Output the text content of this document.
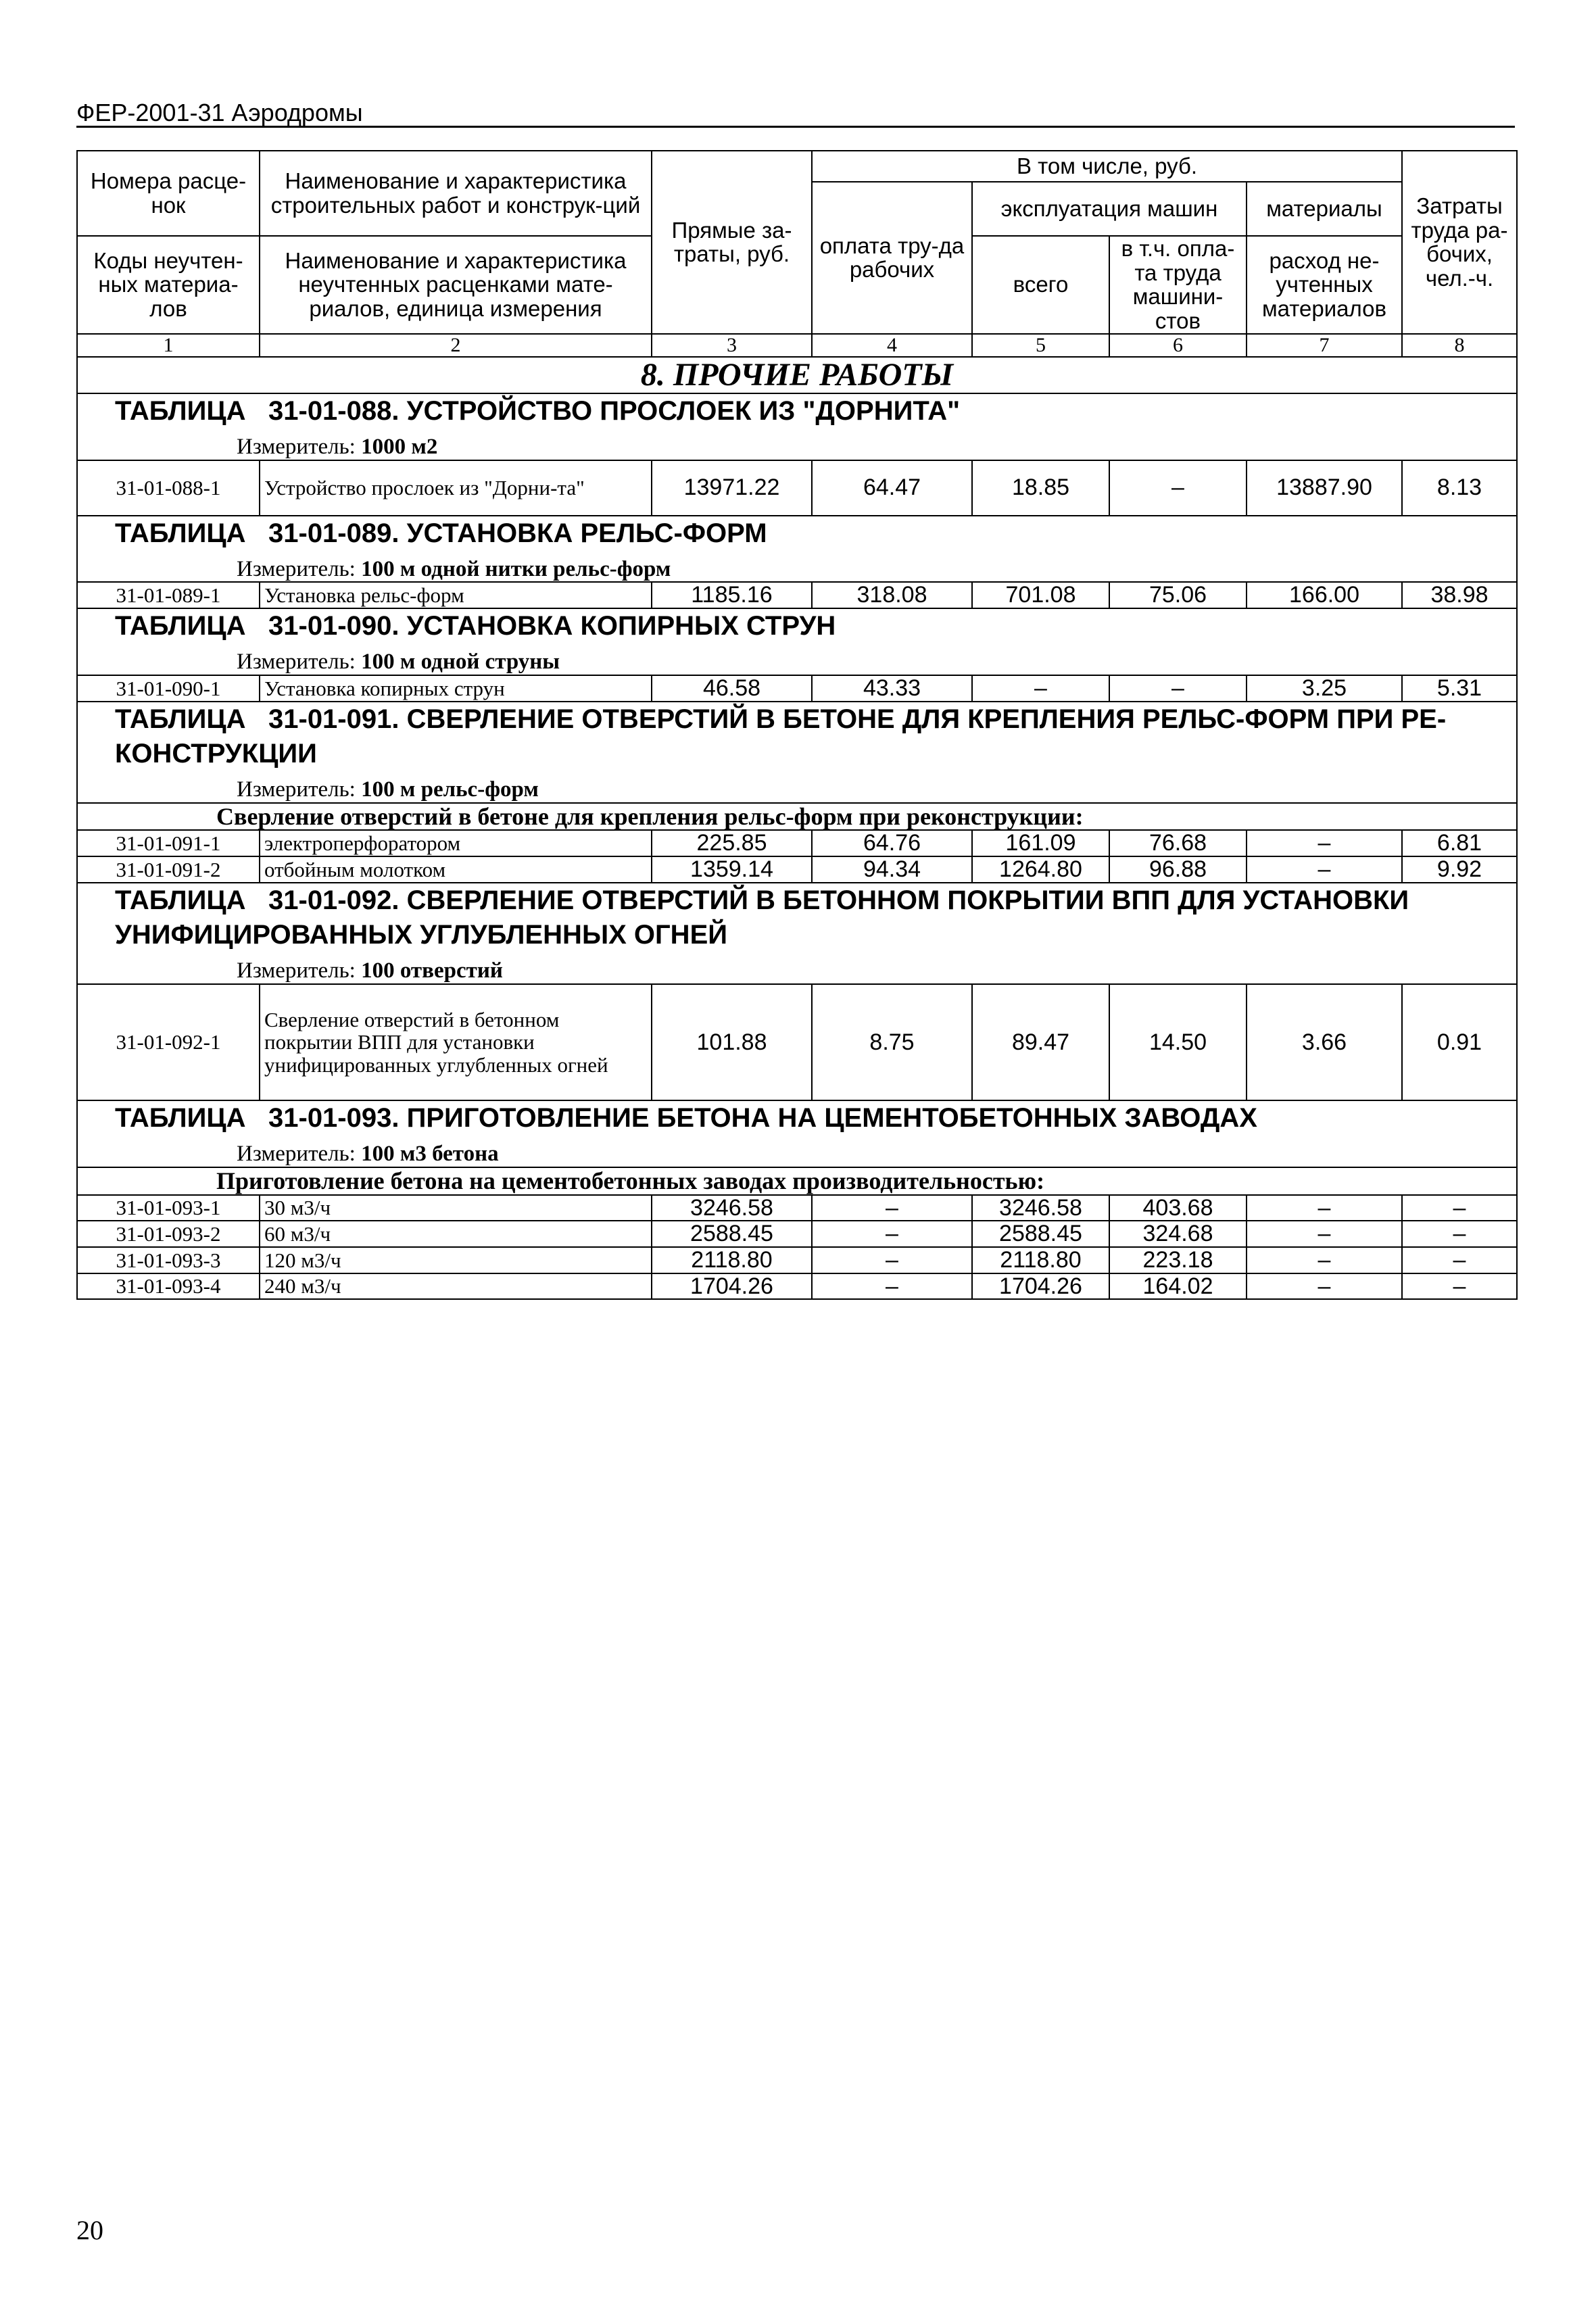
ФЕР-2001-31 Аэродромы
Номера расце-нок	Наименование и характеристика строительных работ и конструк-ций	Прямые за-траты, руб.	В том числе, руб.				Затраты труда ра-бочих, чел.-ч.
			оплата тру-да рабочих	эксплуатация машин		материалы	
Коды неучтен-ных материа-лов	Наименование и характеристика неучтенных расценками мате-риалов, единица измерения			всего	в т.ч. опла-та труда машини-стов	расход не-учтенных материалов	

1	2	3	4	5	6	7	8
8. ПРОЧИЕ РАБОТЫ							

ТАБЛИЦА 31-01-088. УСТРОЙСТВО ПРОСЛОЕК ИЗ "ДОРНИТА"
Измеритель: 1000 м2							

31-01-088-1	Устройство прослоек из "Дорни-та"	13971.22	64.47	18.85	–	13887.90	8.13

ТАБЛИЦА 31-01-089. УСТАНОВКА РЕЛЬС-ФОРМ
Измеритель: 100 м одной нитки рельс-форм							

31-01-089-1	Установка рельс-форм	1185.16	318.08	701.08	75.06	166.00	38.98

ТАБЛИЦА 31-01-090. УСТАНОВКА КОПИРНЫХ СТРУН
Измеритель: 100 м одной струны							

31-01-090-1	Установка копирных струн	46.58	43.33	–	–	3.25	5.31

ТАБЛИЦА 31-01-091. СВЕРЛЕНИЕ ОТВЕРСТИЙ В БЕТОНЕ ДЛЯ КРЕПЛЕНИЯ РЕЛЬС-ФОРМ ПРИ РЕ-КОНСТРУКЦИИ
Измеритель: 100 м рельс-форм							

Сверление отверстий в бетоне для крепления рельс-форм при реконструкции:							

31-01-091-1	электроперфоратором	225.85	64.76	161.09	76.68	–	6.81
31-01-091-2	отбойным молотком	1359.14	94.34	1264.80	96.88	–	9.92

ТАБЛИЦА 31-01-092. СВЕРЛЕНИЕ ОТВЕРСТИЙ В БЕТОННОМ ПОКРЫТИИ ВПП ДЛЯ УСТАНОВКИ УНИФИЦИРОВАННЫХ УГЛУБЛЕННЫХ ОГНЕЙ
Измеритель: 100 отверстий							

31-01-092-1	Сверление отверстий в бетонном покрытии ВПП для установки унифицированных углубленных огней	101.88	8.75	89.47	14.50	3.66	0.91

ТАБЛИЦА 31-01-093. ПРИГОТОВЛЕНИЕ БЕТОНА НА ЦЕМЕНТОБЕТОННЫХ ЗАВОДАХ
Измеритель: 100 м3 бетона							

Приготовление бетона на цементобетонных заводах производительностью:							

31-01-093-1	30 м3/ч	3246.58	–	3246.58	403.68	–	–
31-01-093-2	60 м3/ч	2588.45	–	2588.45	324.68	–	–
31-01-093-3	120 м3/ч	2118.80	–	2118.80	223.18	–	–
31-01-093-4	240 м3/ч	1704.26	–	1704.26	164.02	–	–
20
